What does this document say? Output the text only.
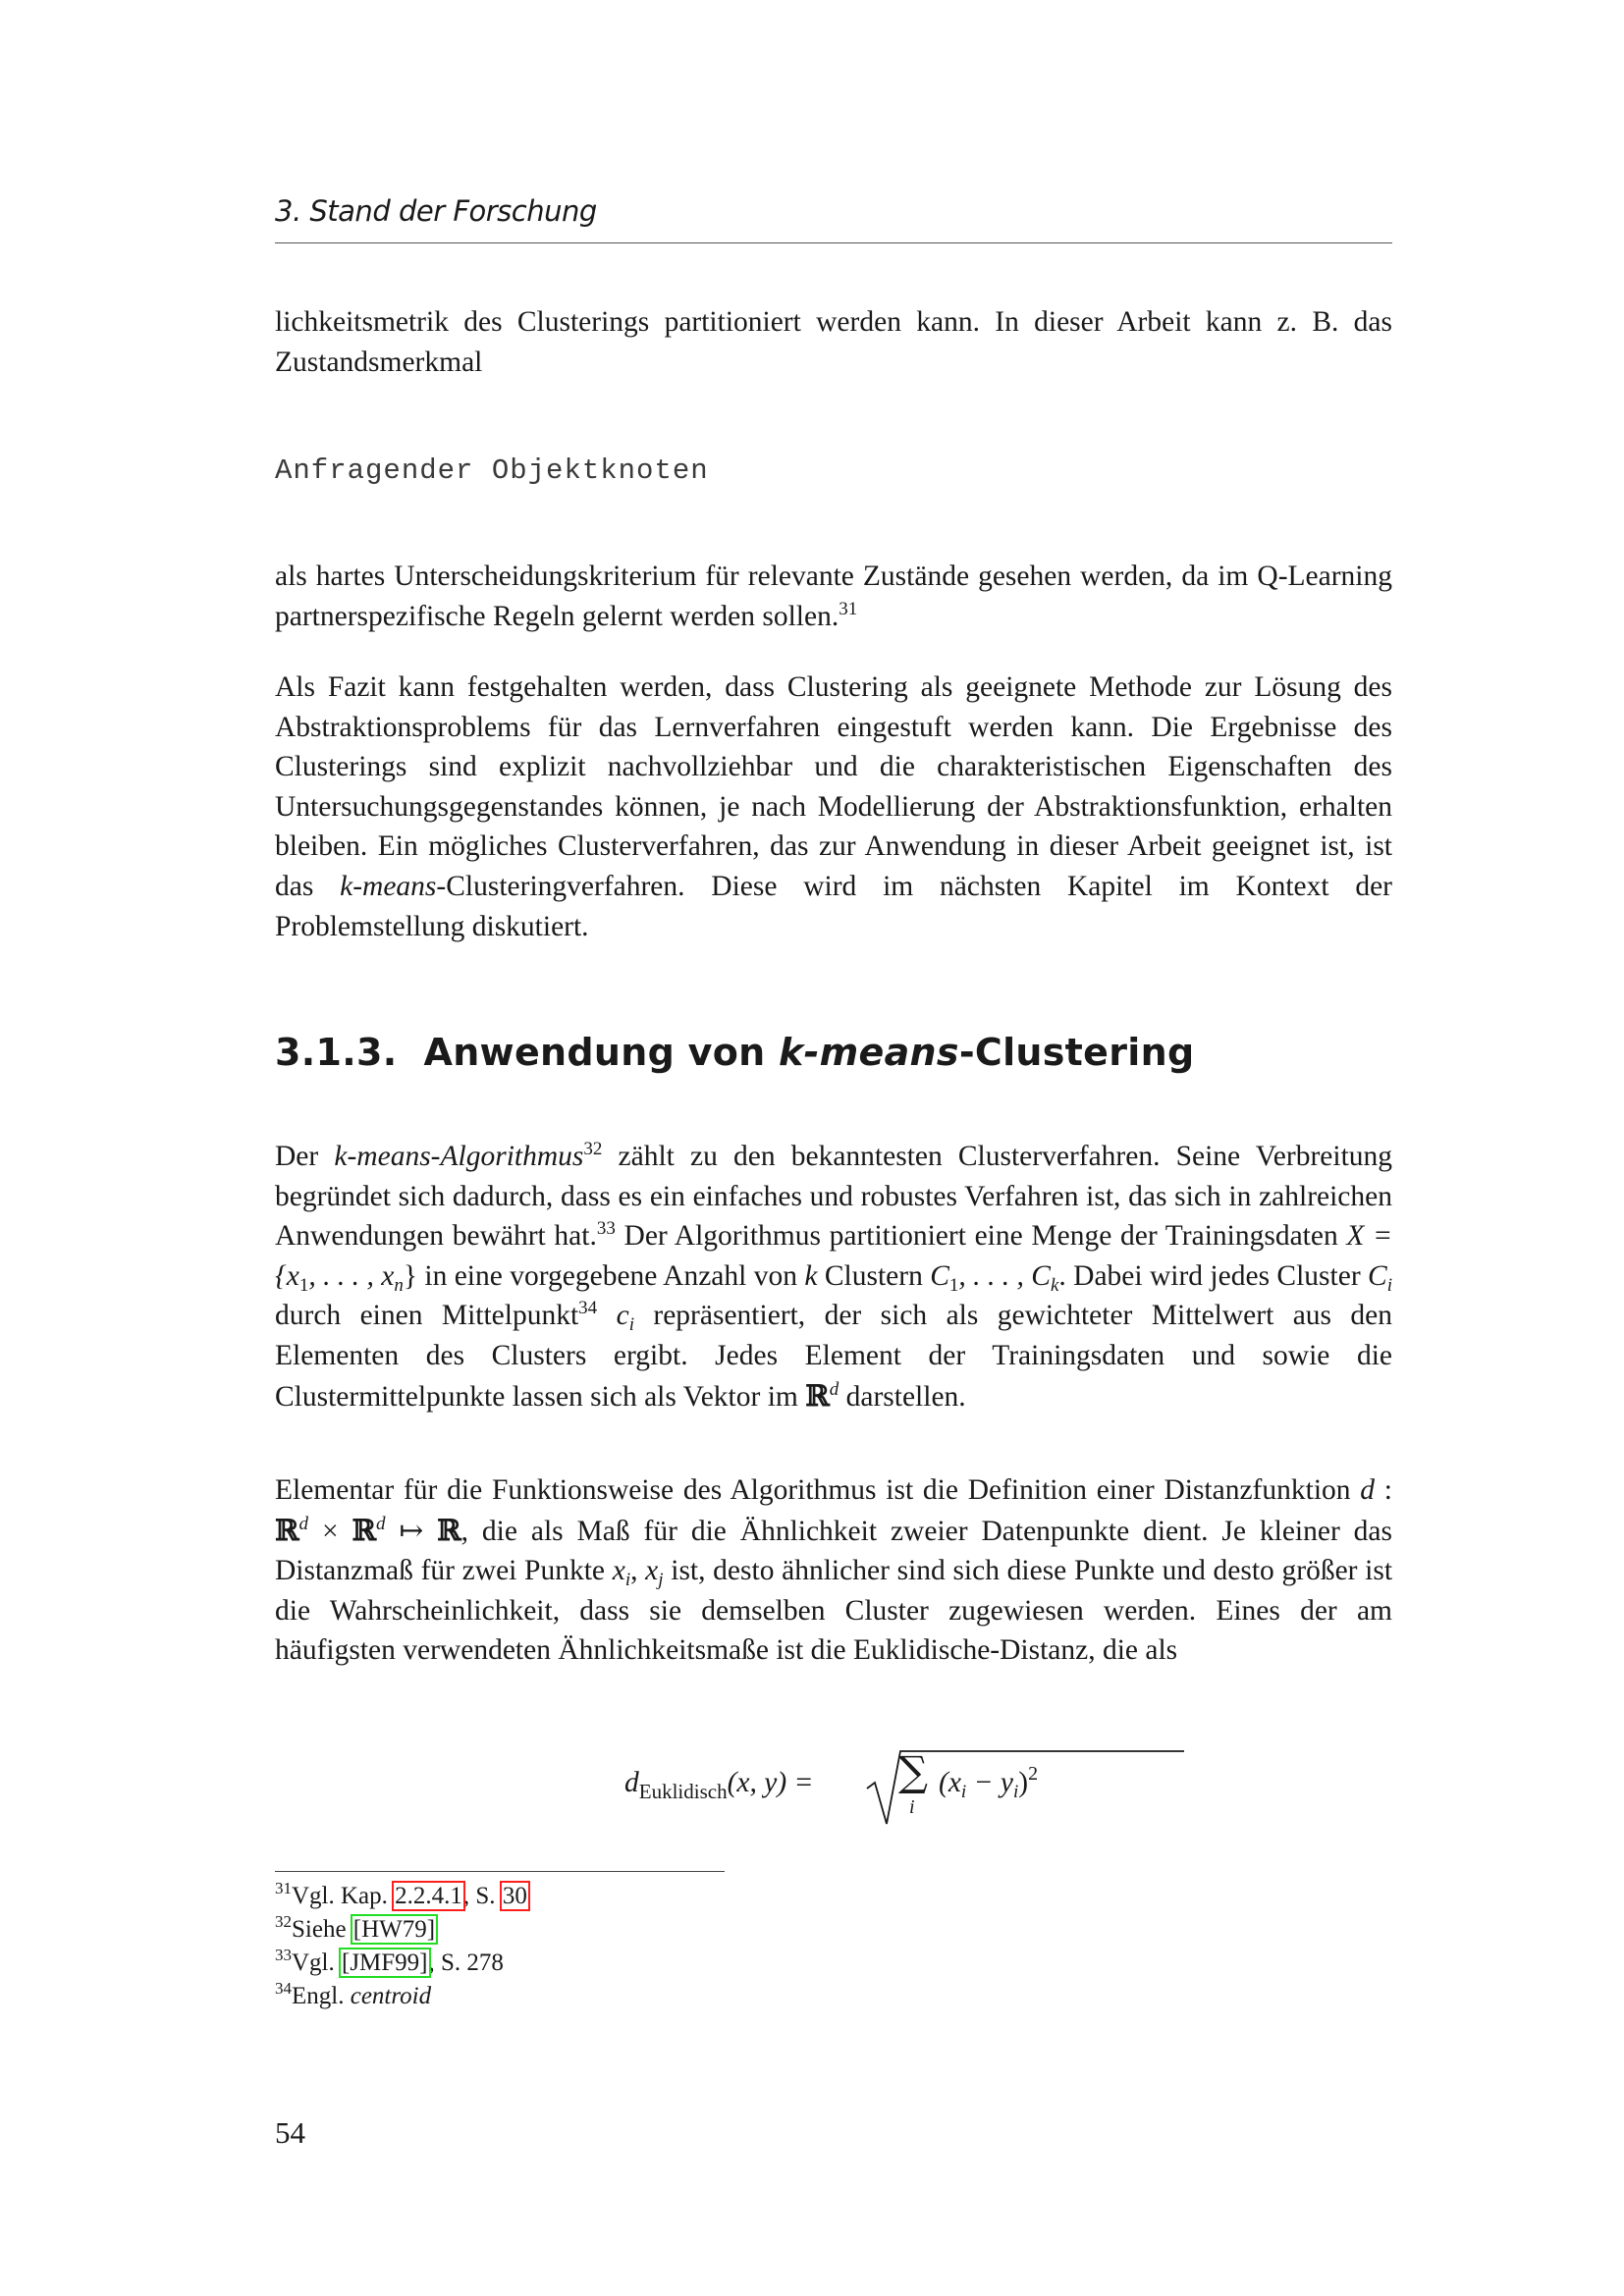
3. Stand der Forschung
lichkeitsmetrik des Clusterings partitioniert werden kann. In dieser Arbeit kann z. B. das Zustandsmerkmal
Anfragender Objektknoten
als hartes Unterscheidungskriterium für relevante Zustände gesehen werden, da im Q-Learning partnerspezifische Regeln gelernt werden sollen.$^{31}$
Als Fazit kann festgehalten werden, dass Clustering als geeignete Methode zur Lösung des Abstraktionsproblems für das Lernverfahren eingestuft werden kann. Die Ergebnisse des Clusterings sind explizit nachvollziehbar und die charakteristischen Eigenschaften des Untersuchungsgegenstandes können, je nach Modellierung der Abstraktionsfunktion, erhalten bleiben. Ein mögliches Clusterverfahren, das zur Anwendung in dieser Arbeit geeignet ist, ist das k-means-Clusteringverfahren. Diese wird im nächsten Kapitel im Kontext der Problemstellung diskutiert.
3.1.3. Anwendung von k-means-Clustering
Der k-means-Algorithmus$^{32}$ zählt zu den bekanntesten Clusterverfahren. Seine Verbreitung begründet sich dadurch, dass es ein einfaches und robustes Verfahren ist, das sich in zahlreichen Anwendungen bewährt hat.$^{33}$ Der Algorithmus partitioniert eine Menge der Trainingsdaten $X = \{x_1$, . . . , $x_n$} in eine vorgegebene Anzahl von k Clustern $C_1$, . . . , $C_k$. Dabei wird jedes Cluster $C_i$ durch einen Mittelpunkt$^{34}$ $c_i$ repräsentiert, der sich als gewichteter Mittelwert aus den Elementen des Clusters ergibt. Jedes Element der Trainingsdaten und sowie die Clustermittelpunkte lassen sich als Vektor im ℝ$^d$ darstellen.
Elementar für die Funktionsweise des Algorithmus ist die Definition einer Distanzfunktion d : ℝ$^d$ × ℝ$^d$ ↦ ℝ, die als Maß für die Ähnlichkeit zweier Datenpunkte dient. Je kleiner das Distanzmaß für zwei Punkte $x_i$, $x_j$ ist, desto ähnlicher sind sich diese Punkte und desto größer ist die Wahrscheinlichkeit, dass sie demselben Cluster zugewiesen werden. Eines der am häufigsten verwendeten Ähnlichkeitsmaße ist die Euklidische-Distanz, die als
$d_{Euklidisch}(x$, y) = ∑
i
$(x_i - y_i)^2$
$^{31}$Vgl. Kap. 2.2.4.1, S. 30
$^{32}$Siehe [HW79]
$^{33}$Vgl. [JMF99], S. 278
$^{34}$Engl. centroid
54
